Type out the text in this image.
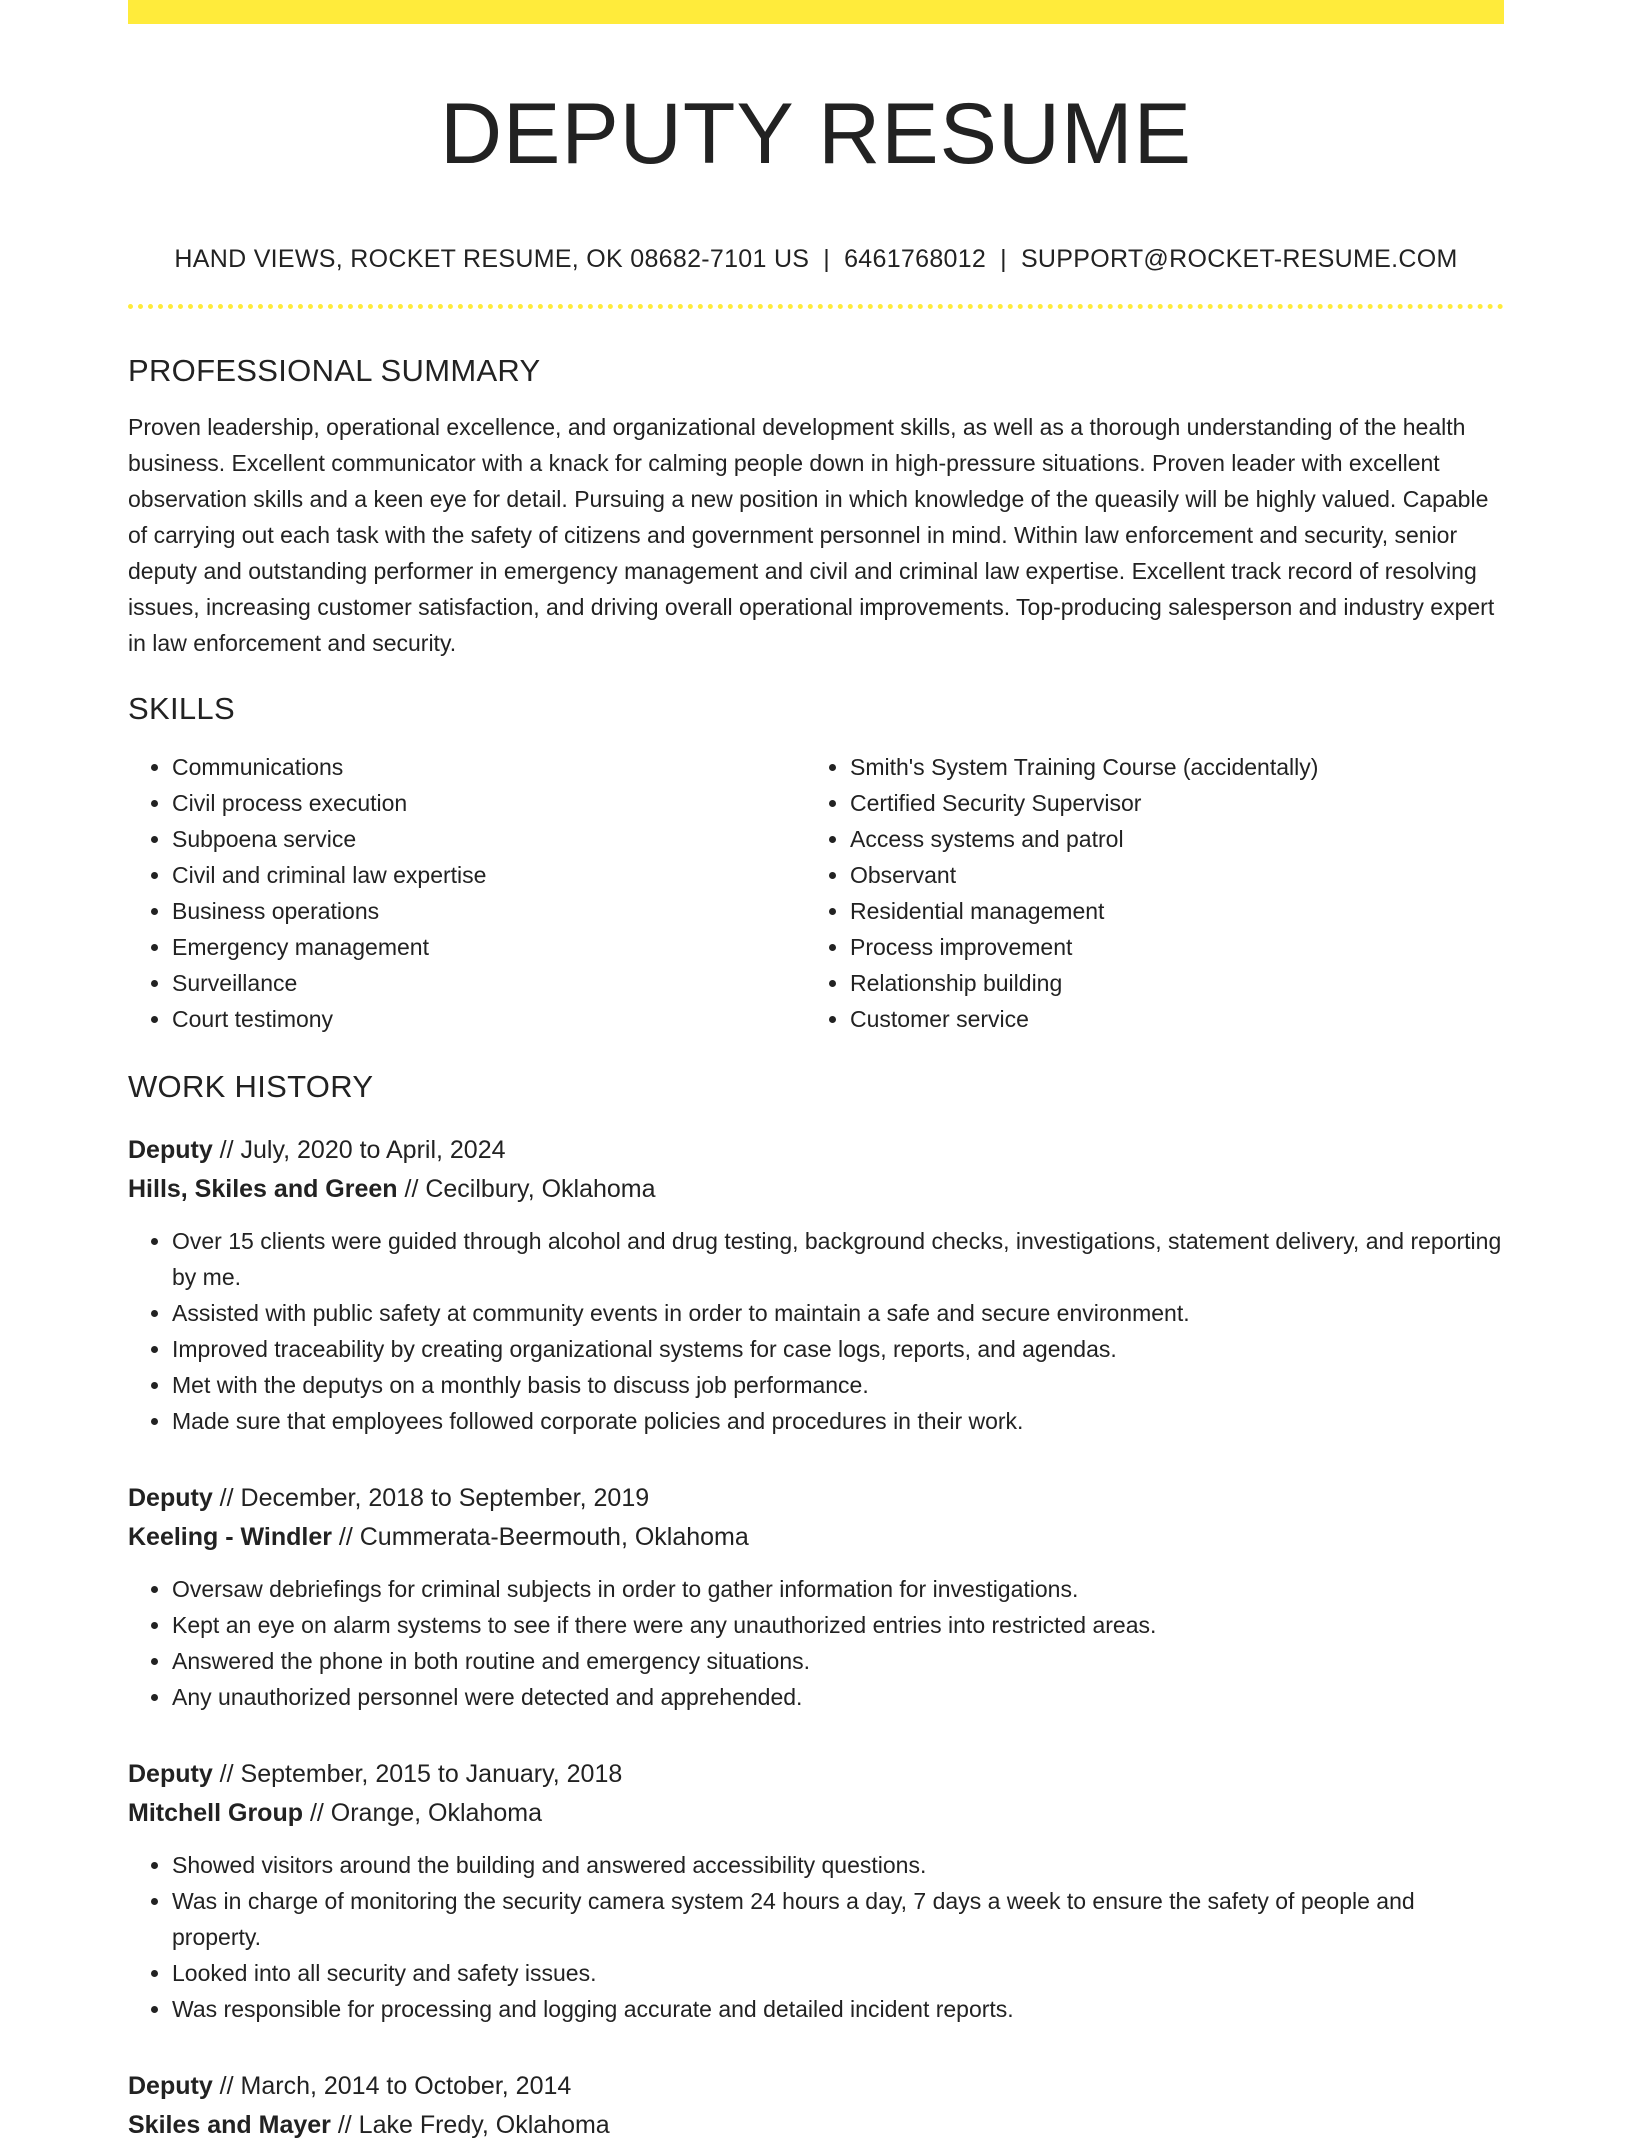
DEPUTY RESUME
HAND VIEWS, ROCKET RESUME, OK 08682-7101 US | 6461768012 | SUPPORT@ROCKET-RESUME.COM
PROFESSIONAL SUMMARY

Proven leadership, operational excellence, and organizational development skills, as well as a thorough understanding of the health business. Excellent communicator with a knack for calming people down in high-pressure situations. Proven leader with excellent observation skills and a keen eye for detail. Pursuing a new position in which knowledge of the queasily will be highly valued. Capable of carrying out each task with the safety of citizens and government personnel in mind. Within law enforcement and security, senior deputy and outstanding performer in emergency management and civil and criminal law expertise. Excellent track record of resolving issues, increasing customer satisfaction, and driving overall operational improvements. Top-producing salesperson and industry expert in law enforcement and security.

SKILLS
• Communications
• Civil process execution
• Subpoena service
• Civil and criminal law expertise
• Business operations
• Emergency management
• Surveillance
• Court testimony
• Smith's System Training Course (accidentally)
• Certified Security Supervisor
• Access systems and patrol
• Observant
• Residential management
• Process improvement
• Relationship building
• Customer service
WORK HISTORY
Deputy // July, 2020 to April, 2024
Hills, Skiles and Green // Cecilbury, Oklahoma
• Over 15 clients were guided through alcohol and drug testing, background checks, investigations, statement delivery, and reporting by me.
• Assisted with public safety at community events in order to maintain a safe and secure environment.
• Improved traceability by creating organizational systems for case logs, reports, and agendas.
• Met with the deputys on a monthly basis to discuss job performance.
• Made sure that employees followed corporate policies and procedures in their work.
Deputy // December, 2018 to September, 2019
Keeling - Windler // Cummerata-Beermouth, Oklahoma
• Oversaw debriefings for criminal subjects in order to gather information for investigations.
• Kept an eye on alarm systems to see if there were any unauthorized entries into restricted areas.
• Answered the phone in both routine and emergency situations.
• Any unauthorized personnel were detected and apprehended.
Deputy // September, 2015 to January, 2018
Mitchell Group // Orange, Oklahoma
• Showed visitors around the building and answered accessibility questions.
• Was in charge of monitoring the security camera system 24 hours a day, 7 days a week to ensure the safety of people and property.
• Looked into all security and safety issues.
• Was responsible for processing and logging accurate and detailed incident reports.
Deputy // March, 2014 to October, 2014
Skiles and Mayer // Lake Fredy, Oklahoma
